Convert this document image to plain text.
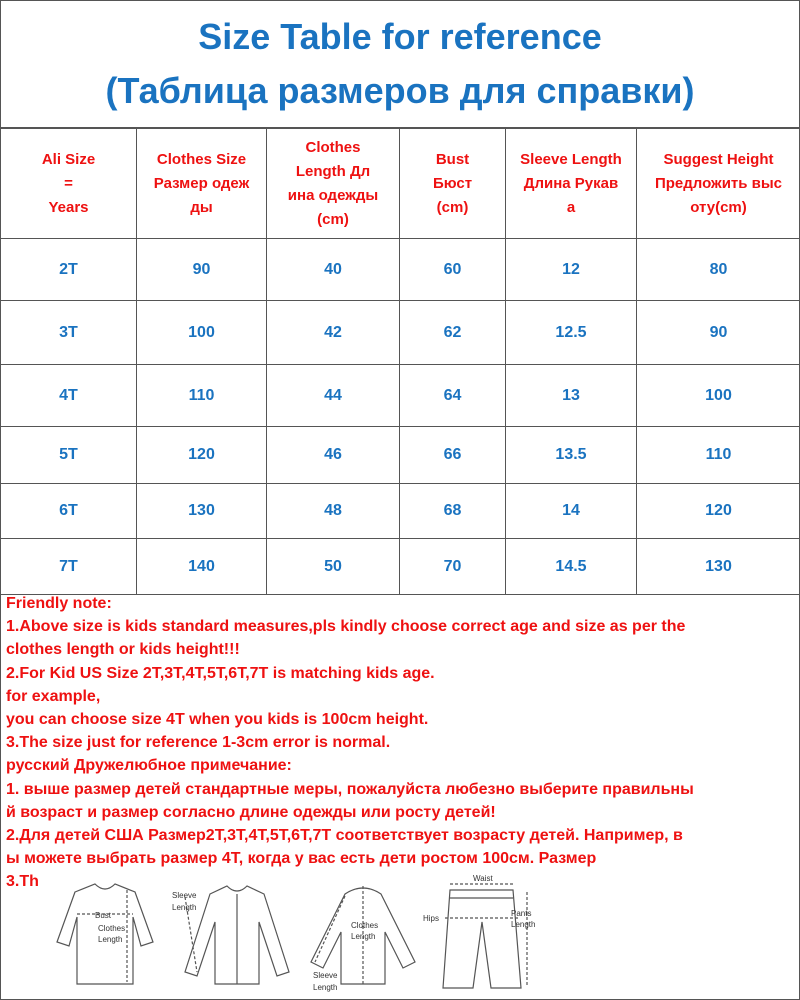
Size Table for reference
(Таблица размеров для справки)
Ali Size
=
Years	Clothes Size
Размер одеж
ды	Clothes
Length Дл
ина одежды
(cm)	Bust
Бюст
(cm)	Sleeve Length
Длина Рукав
а	Suggest Height
Предложить выс
оту(cm)
2T	90	40	60	12	80
3T	100	42	62	12.5	90
4T	110	44	64	13	100
5T	120	46	66	13.5	110
6T	130	48	68	14	120
7T	140	50	70	14.5	130
Friendly note:
1.Above size is kids standard measures,pls kindly choose correct age and size as per the
clothes length or kids height!!!
2.For Kid US Size 2T,3T,4T,5T,6T,7T is matching kids age.
for example,
you can choose size 4T when you kids is 100cm height.
3.The size just for reference 1-3cm error is normal.
русский Дружелюбное примечание:
1. выше размер детей стандартные меры, пожалуйста любезно выберите правильны
й возраст и размер согласно длине одежды или росту детей!
2.Для детей США Размер2T,3T,4T,5T,6T,7T соответствует возрасту детей. Например, в
ы можете выбрать размер 4T, когда у вас есть дети ростом 100см. Размер
3.Th
Bust
Clothes
Length
Sleeve
Length
Clothes
Length
Sleeve
Length
Waist
Pants
Length
Hips
